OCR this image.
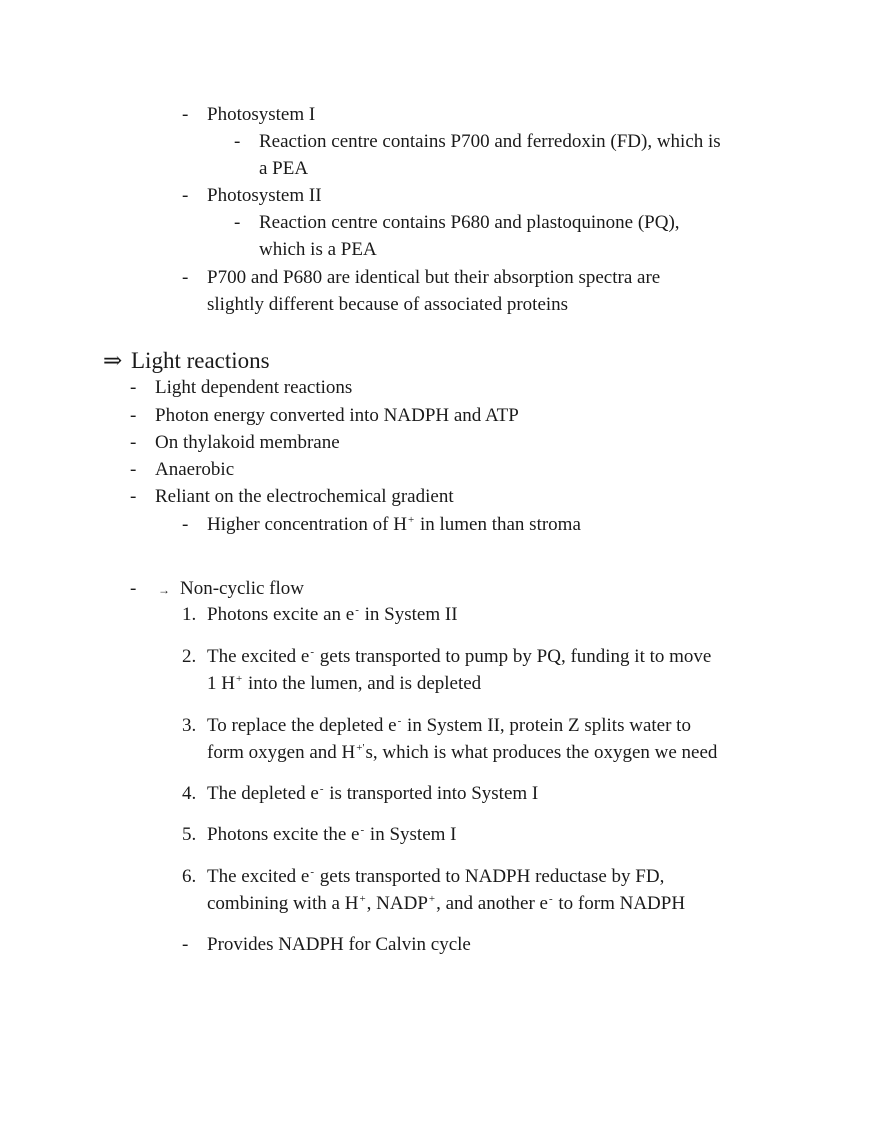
⇒ Light reactions
- → Non-cyclic flow
- Photosystem I
- Reaction centre contains P700 and ferredoxin (FD), which is
a PEA
- Photosystem II
- Reaction centre contains P680 and plastoquinone (PQ),
which is a PEA
- P700 and P680 are identical but their absorption spectra are
slightly different because of associated proteins
- Light dependent reactions
- Photon energy converted into NADPH and ATP
- On thylakoid membrane
- Anaerobic
- Reliant on the electrochemical gradient
- Higher concentration of H+ in lumen than stroma
1. Photons excite an e- in System II
2. The excited e- gets transported to pump by PQ, funding it to move
1 H+ into the lumen, and is depleted
3. To replace the depleted e- in System II, protein Z splits water to
form oxygen and H+'s, which is what produces the oxygen we need
4. The depleted e- is transported into System I
5. Photons excite the e- in System I
6. The excited e- gets transported to NADPH reductase by FD,
combining with a H+, NADP+, and another e- to form NADPH
- Provides NADPH for Calvin cycle
